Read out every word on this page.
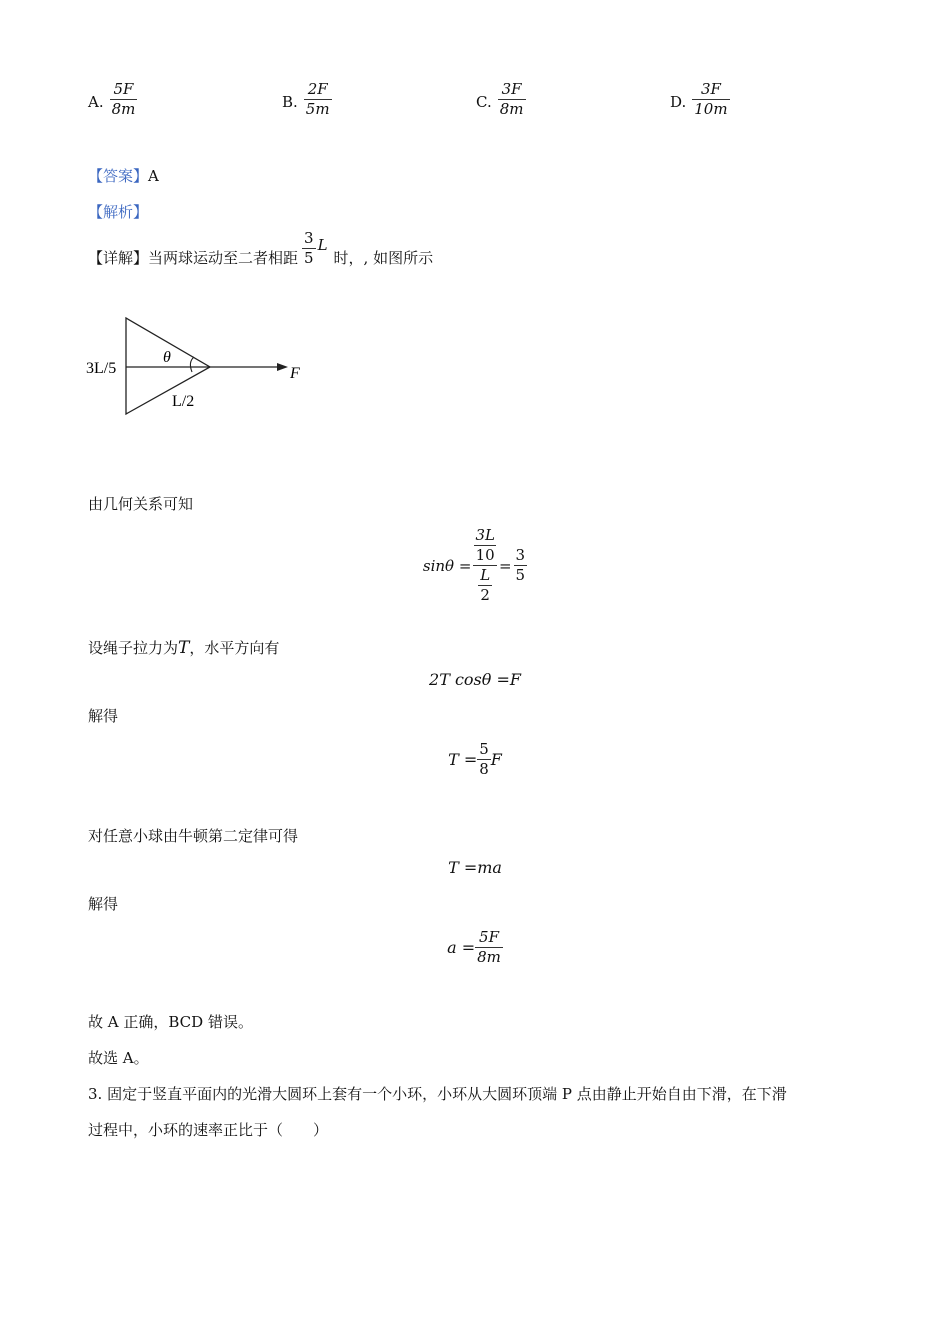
A. $\frac{5F}{8m}$	B. $\frac{2F}{5m}$	C. $\frac{3F}{8m}$	D. $\frac{3F}{10m}$
【答案】A
【解析】
【详解】 当两球运动至二者相距 $\frac{3}{5}$ L
时，, 如图所示
3L/5
θ
L/2
F
由几何关系可知
$\sin\theta = \frac{\frac{3L}{10}}{\frac{L}{2}} = \frac{3}{5}$
设绳子拉力为T，水平方向有
2T cosθ =F
解得
$T = \frac{5}{8}$ F
对任意小球由牛顿第二定律可得
T =ma
解得
$a = \frac{5F}{8m}$
故 A 正确，BCD 错误。
故选 A。
3. 固定于竖直平面内的光滑大圆环上套有一个小环，小环从大圆环顶端 P 点由静止开始自由下滑，在下滑
过程中，小环的速率正比于（　　）
